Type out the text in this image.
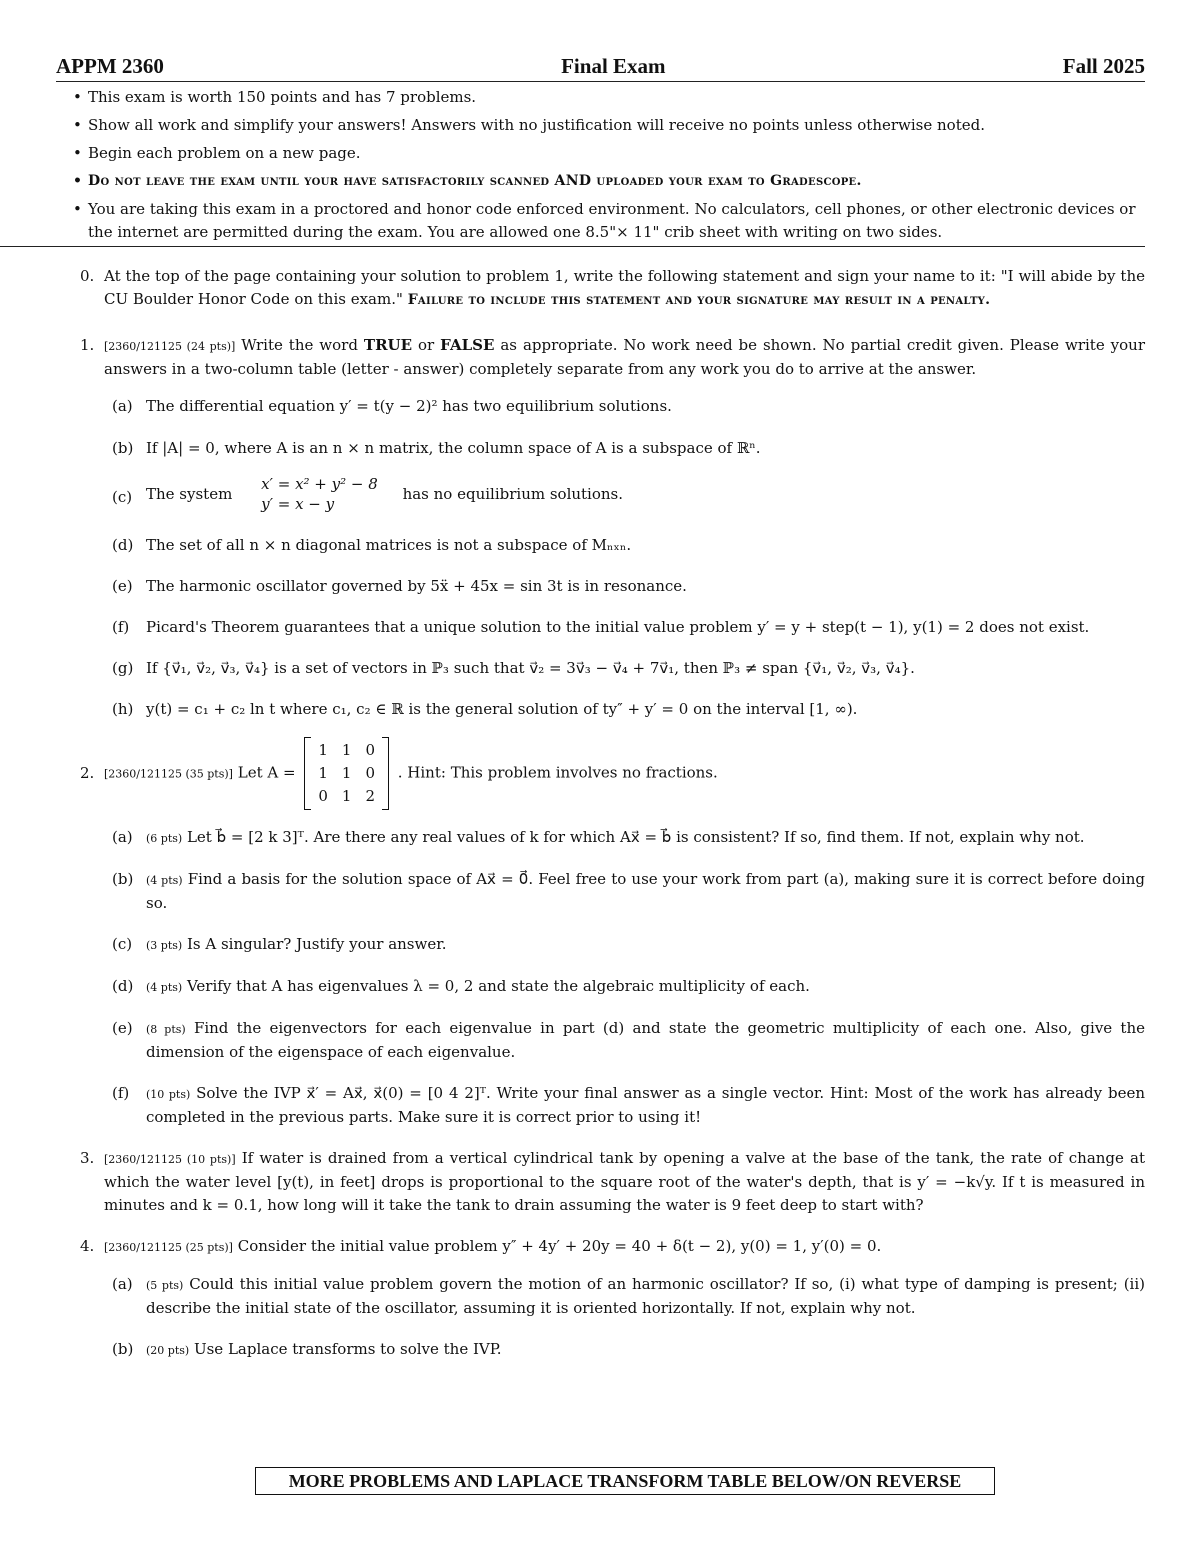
APPM 2360	Final Exam	Fall 2025
• This exam is worth 150 points and has 7 problems.
• Show all work and simplify your answers! Answers with no justification will receive no points unless otherwise noted.
• Begin each problem on a new page.
• Do not leave the exam until your have satisfactorily scanned AND uploaded your exam to Gradescope.
• You are taking this exam in a proctored and honor code enforced environment. No calculators, cell phones, or other electronic devices or the internet are permitted during the exam. You are allowed one 8.5"× 11" crib sheet with writing on two sides.
0. At the top of the page containing your solution to problem 1, write the following statement and sign your name to it: "I will abide by the CU Boulder Honor Code on this exam." Failure to include this statement and your signature may result in a penalty.
1. [2360/121125 (24 pts)] Write the word TRUE or FALSE as appropriate. No work need be shown. No partial credit given. Please write your answers in a two-column table (letter - answer) completely separate from any work you do to arrive at the answer.
(a) The differential equation y′ = t(y − 2)² has two equilibrium solutions.
(b) If |A| = 0, where A is an n × n matrix, the column space of A is a subspace of ℝⁿ.
(c) The system
x′ = x² + y² − 8
y′ = x − y
has no equilibrium solutions.
(d) The set of all n × n diagonal matrices is not a subspace of Mₙₓₙ.
(e) The harmonic oscillator governed by 5ẍ + 45x = sin 3t is in resonance.
(f) Picard's Theorem guarantees that a unique solution to the initial value problem y′ = y + step(t − 1), y(1) = 2 does not exist.
(g) If {v⃗₁, v⃗₂, v⃗₃, v⃗₄} is a set of vectors in ℙ₃ such that v⃗₂ = 3v⃗₃ − v⃗₄ + 7v⃗₁, then ℙ₃ ≠ span {v⃗₁, v⃗₂, v⃗₃, v⃗₄}.
(h) y(t) = c₁ + c₂ ln t where c₁, c₂ ∈ ℝ is the general solution of ty″ + y′ = 0 on the interval [1, ∞).
2. [2360/121125 (35 pts)] Let A =
1	1	0
1	1	0
0	1	2
. Hint: This problem involves no fractions.
(a) (6 pts) Let b⃗ = [2 k 3]ᵀ. Are there any real values of k for which Ax⃗ = b⃗ is consistent? If so, find them. If not, explain why not.
(b) (4 pts) Find a basis for the solution space of Ax⃗ = 0⃗. Feel free to use your work from part (a), making sure it is correct before doing so.
(c) (3 pts) Is A singular? Justify your answer.
(d) (4 pts) Verify that A has eigenvalues λ = 0, 2 and state the algebraic multiplicity of each.
(e) (8 pts) Find the eigenvectors for each eigenvalue in part (d) and state the geometric multiplicity of each one. Also, give the dimension of the eigenspace of each eigenvalue.
(f) (10 pts) Solve the IVP x⃗′ = Ax⃗, x⃗(0) = [0 4 2]ᵀ. Write your final answer as a single vector. Hint: Most of the work has already been completed in the previous parts. Make sure it is correct prior to using it!
3. [2360/121125 (10 pts)] If water is drained from a vertical cylindrical tank by opening a valve at the base of the tank, the rate of change at which the water level [y(t), in feet] drops is proportional to the square root of the water's depth, that is y′ = −k√y. If t is measured in minutes and k = 0.1, how long will it take the tank to drain assuming the water is 9 feet deep to start with?
4. [2360/121125 (25 pts)] Consider the initial value problem y″ + 4y′ + 20y = 40 + δ(t − 2), y(0) = 1, y′(0) = 0.
(a) (5 pts) Could this initial value problem govern the motion of an harmonic oscillator? If so, (i) what type of damping is present; (ii) describe the initial state of the oscillator, assuming it is oriented horizontally. If not, explain why not.
(b) (20 pts) Use Laplace transforms to solve the IVP.
MORE PROBLEMS AND LAPLACE TRANSFORM TABLE BELOW/ON REVERSE
